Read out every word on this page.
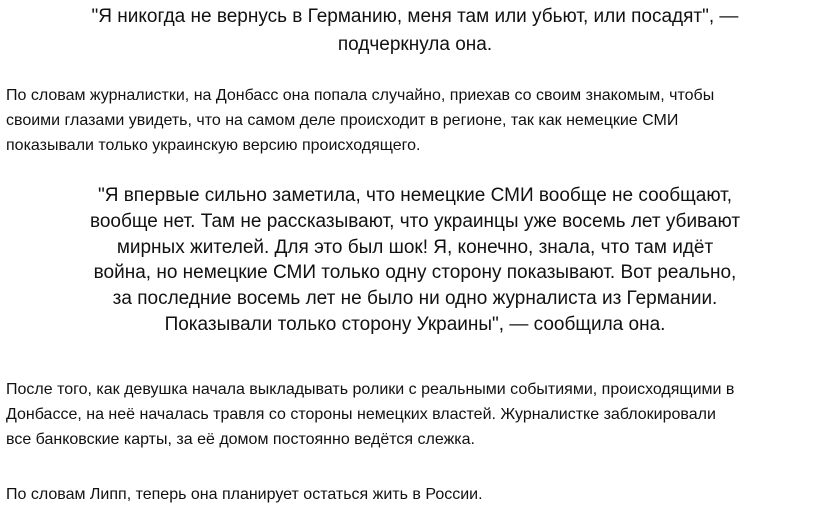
"Я никогда не вернусь в Германию, меня там или убьют, или посадят", —
подчеркнула она.
По словам журналистки, на Донбасс она попала случайно, приехав со своим знакомым, чтобы
своими глазами увидеть, что на самом деле происходит в регионе, так как немецкие СМИ
показывали только украинскую версию происходящего.
"Я впервые сильно заметила, что немецкие СМИ вообще не сообщают,
вообще нет. Там не рассказывают, что украинцы уже восемь лет убивают
мирных жителей. Для это был шок! Я, конечно, знала, что там идёт
война, но немецкие СМИ только одну сторону показывают. Вот реально,
за последние восемь лет не было ни одно журналиста из Германии.
Показывали только сторону Украины", — сообщила она.
После того, как девушка начала выкладывать ролики с реальными событиями, происходящими в
Донбассе, на неё началась травля со стороны немецких властей. Журналистке заблокировали
все банковские карты, за её домом постоянно ведётся слежка.
По словам Липп, теперь она планирует остаться жить в России.
